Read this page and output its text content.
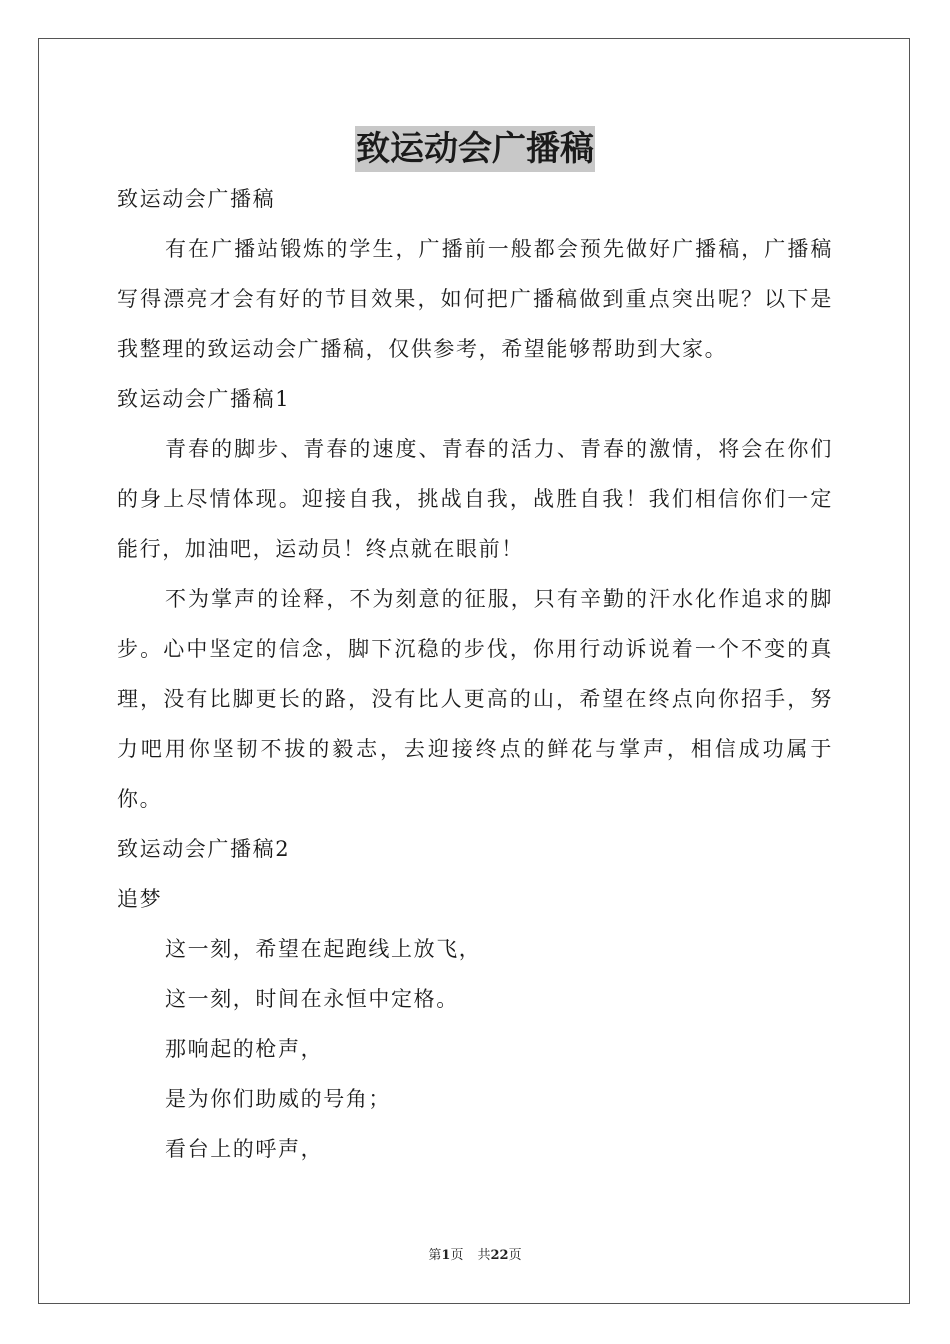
致运动会广播稿

致运动会广播稿

有在广播站锻炼的学生，广播前一般都会预先做好广播稿，广播稿写得漂亮才会有好的节目效果，如何把广播稿做到重点突出呢？以下是我整理的致运动会广播稿，仅供参考，希望能够帮助到大家。

致运动会广播稿1

青春的脚步、青春的速度、青春的活力、青春的激情，将会在你们的身上尽情体现。迎接自我，挑战自我，战胜自我！我们相信你们一定能行，加油吧，运动员！终点就在眼前！

不为掌声的诠释，不为刻意的征服，只有辛勤的汗水化作追求的脚步。心中坚定的信念，脚下沉稳的步伐，你用行动诉说着一个不变的真理，没有比脚更长的路，没有比人更高的山，希望在终点向你招手，努力吧用你坚韧不拔的毅志，去迎接终点的鲜花与掌声，相信成功属于你。

致运动会广播稿2

追梦

这一刻，希望在起跑线上放飞，

这一刻，时间在永恒中定格。

那响起的枪声，

是为你们助威的号角；

看台上的呼声，

第1页 共22页
